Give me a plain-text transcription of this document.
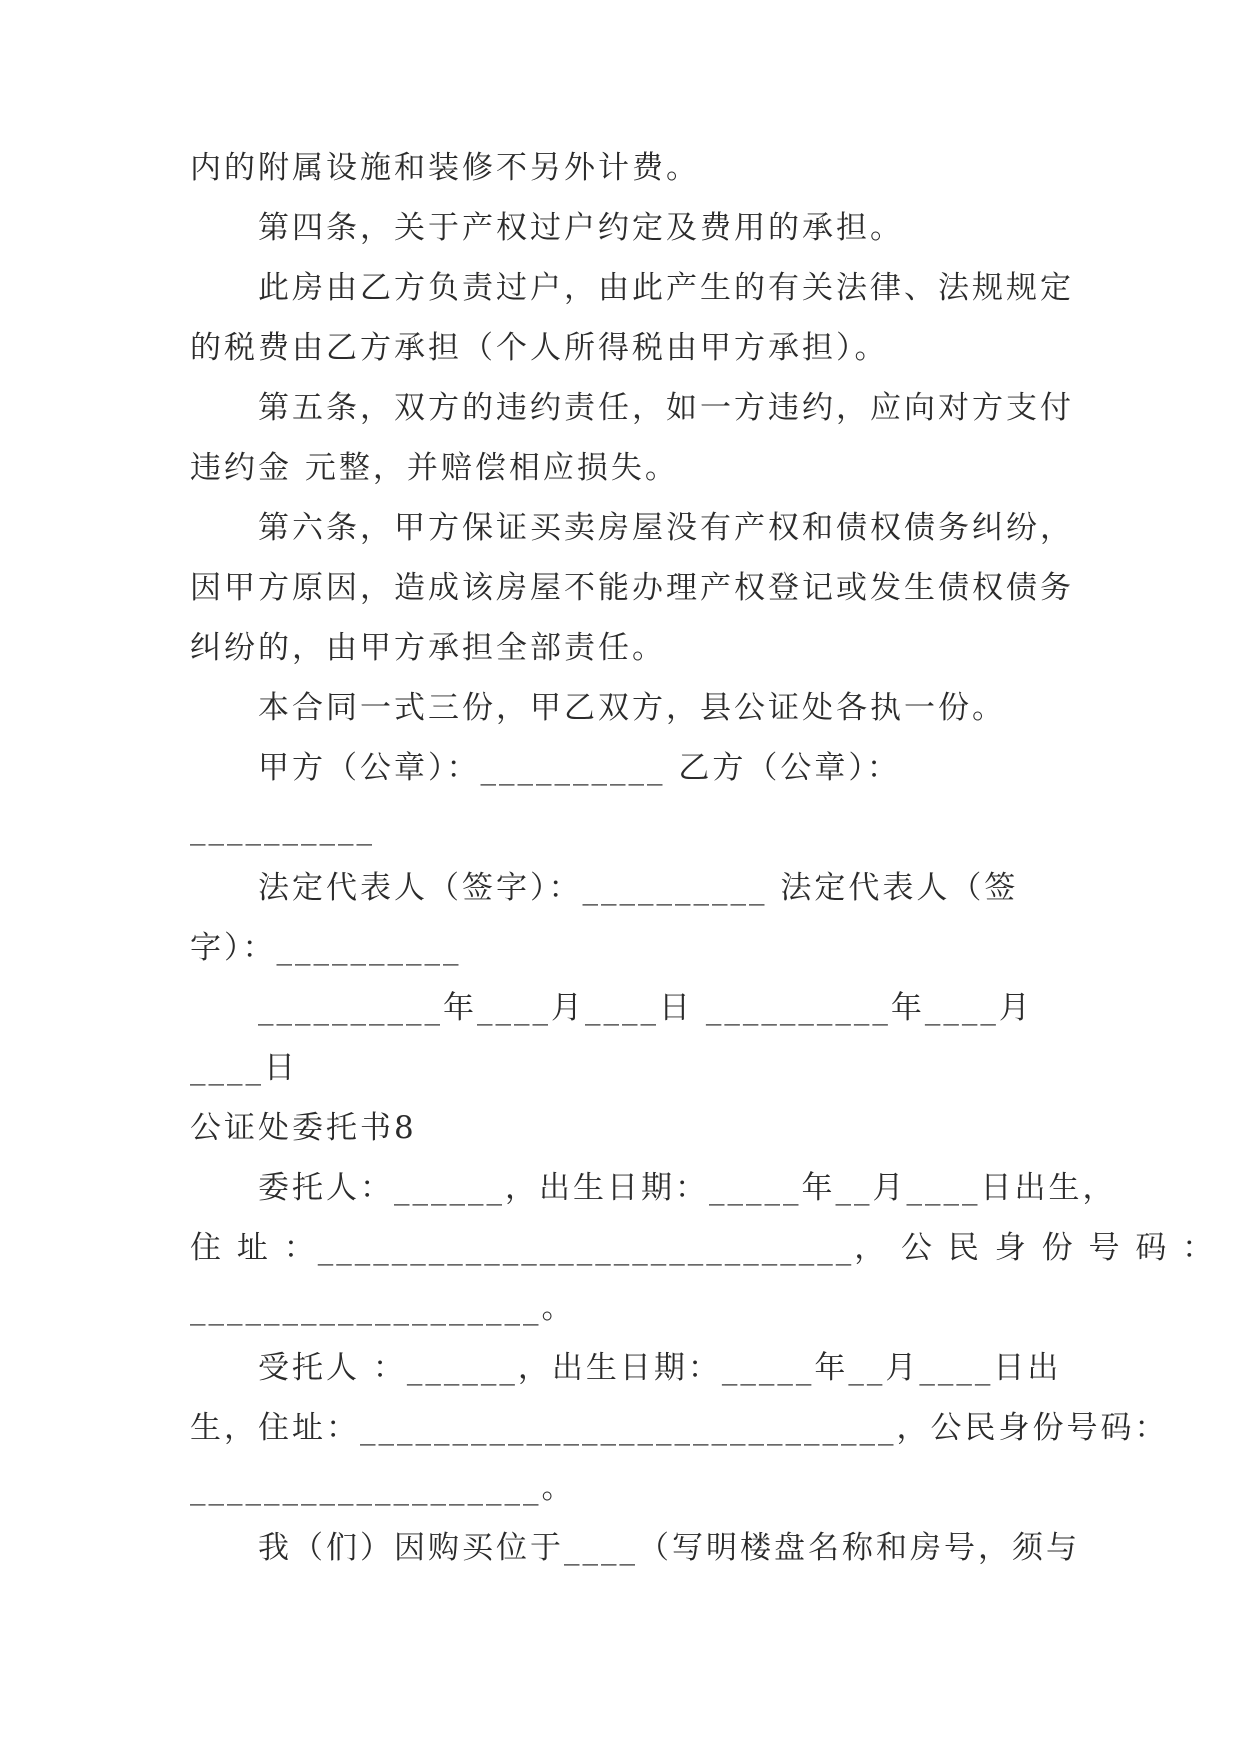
内的附属设施和装修不另外计费。
第四条，关于产权过户约定及费用的承担。
此房由乙方负责过户，由此产生的有关法律、法规规定
的税费由乙方承担（个人所得税由甲方承担）。
第五条，双方的违约责任，如一方违约，应向对方支付
违约金 元整，并赔偿相应损失。
第六条，甲方保证买卖房屋没有产权和债权债务纠纷，
因甲方原因，造成该房屋不能办理产权登记或发生债权债务
纠纷的，由甲方承担全部责任。
本合同一式三份，甲乙双方，县公证处各执一份。
甲方（公章）：__________ 乙方（公章）：
__________
法定代表人（签字）：__________ 法定代表人（签
字）：__________
__________年____月____日 __________年____月
____日
公证处委托书8
委托人：______，出生日期：_____年__月____日出生，
住 址 ：_____________________________， 公 民 身 份 号 码 ：
___________________。
受托人 ：______，出生日期：_____年__月____日出
生，住址：_____________________________，公民身份号码：
___________________。
我（们）因购买位于____（写明楼盘名称和房号，须与
